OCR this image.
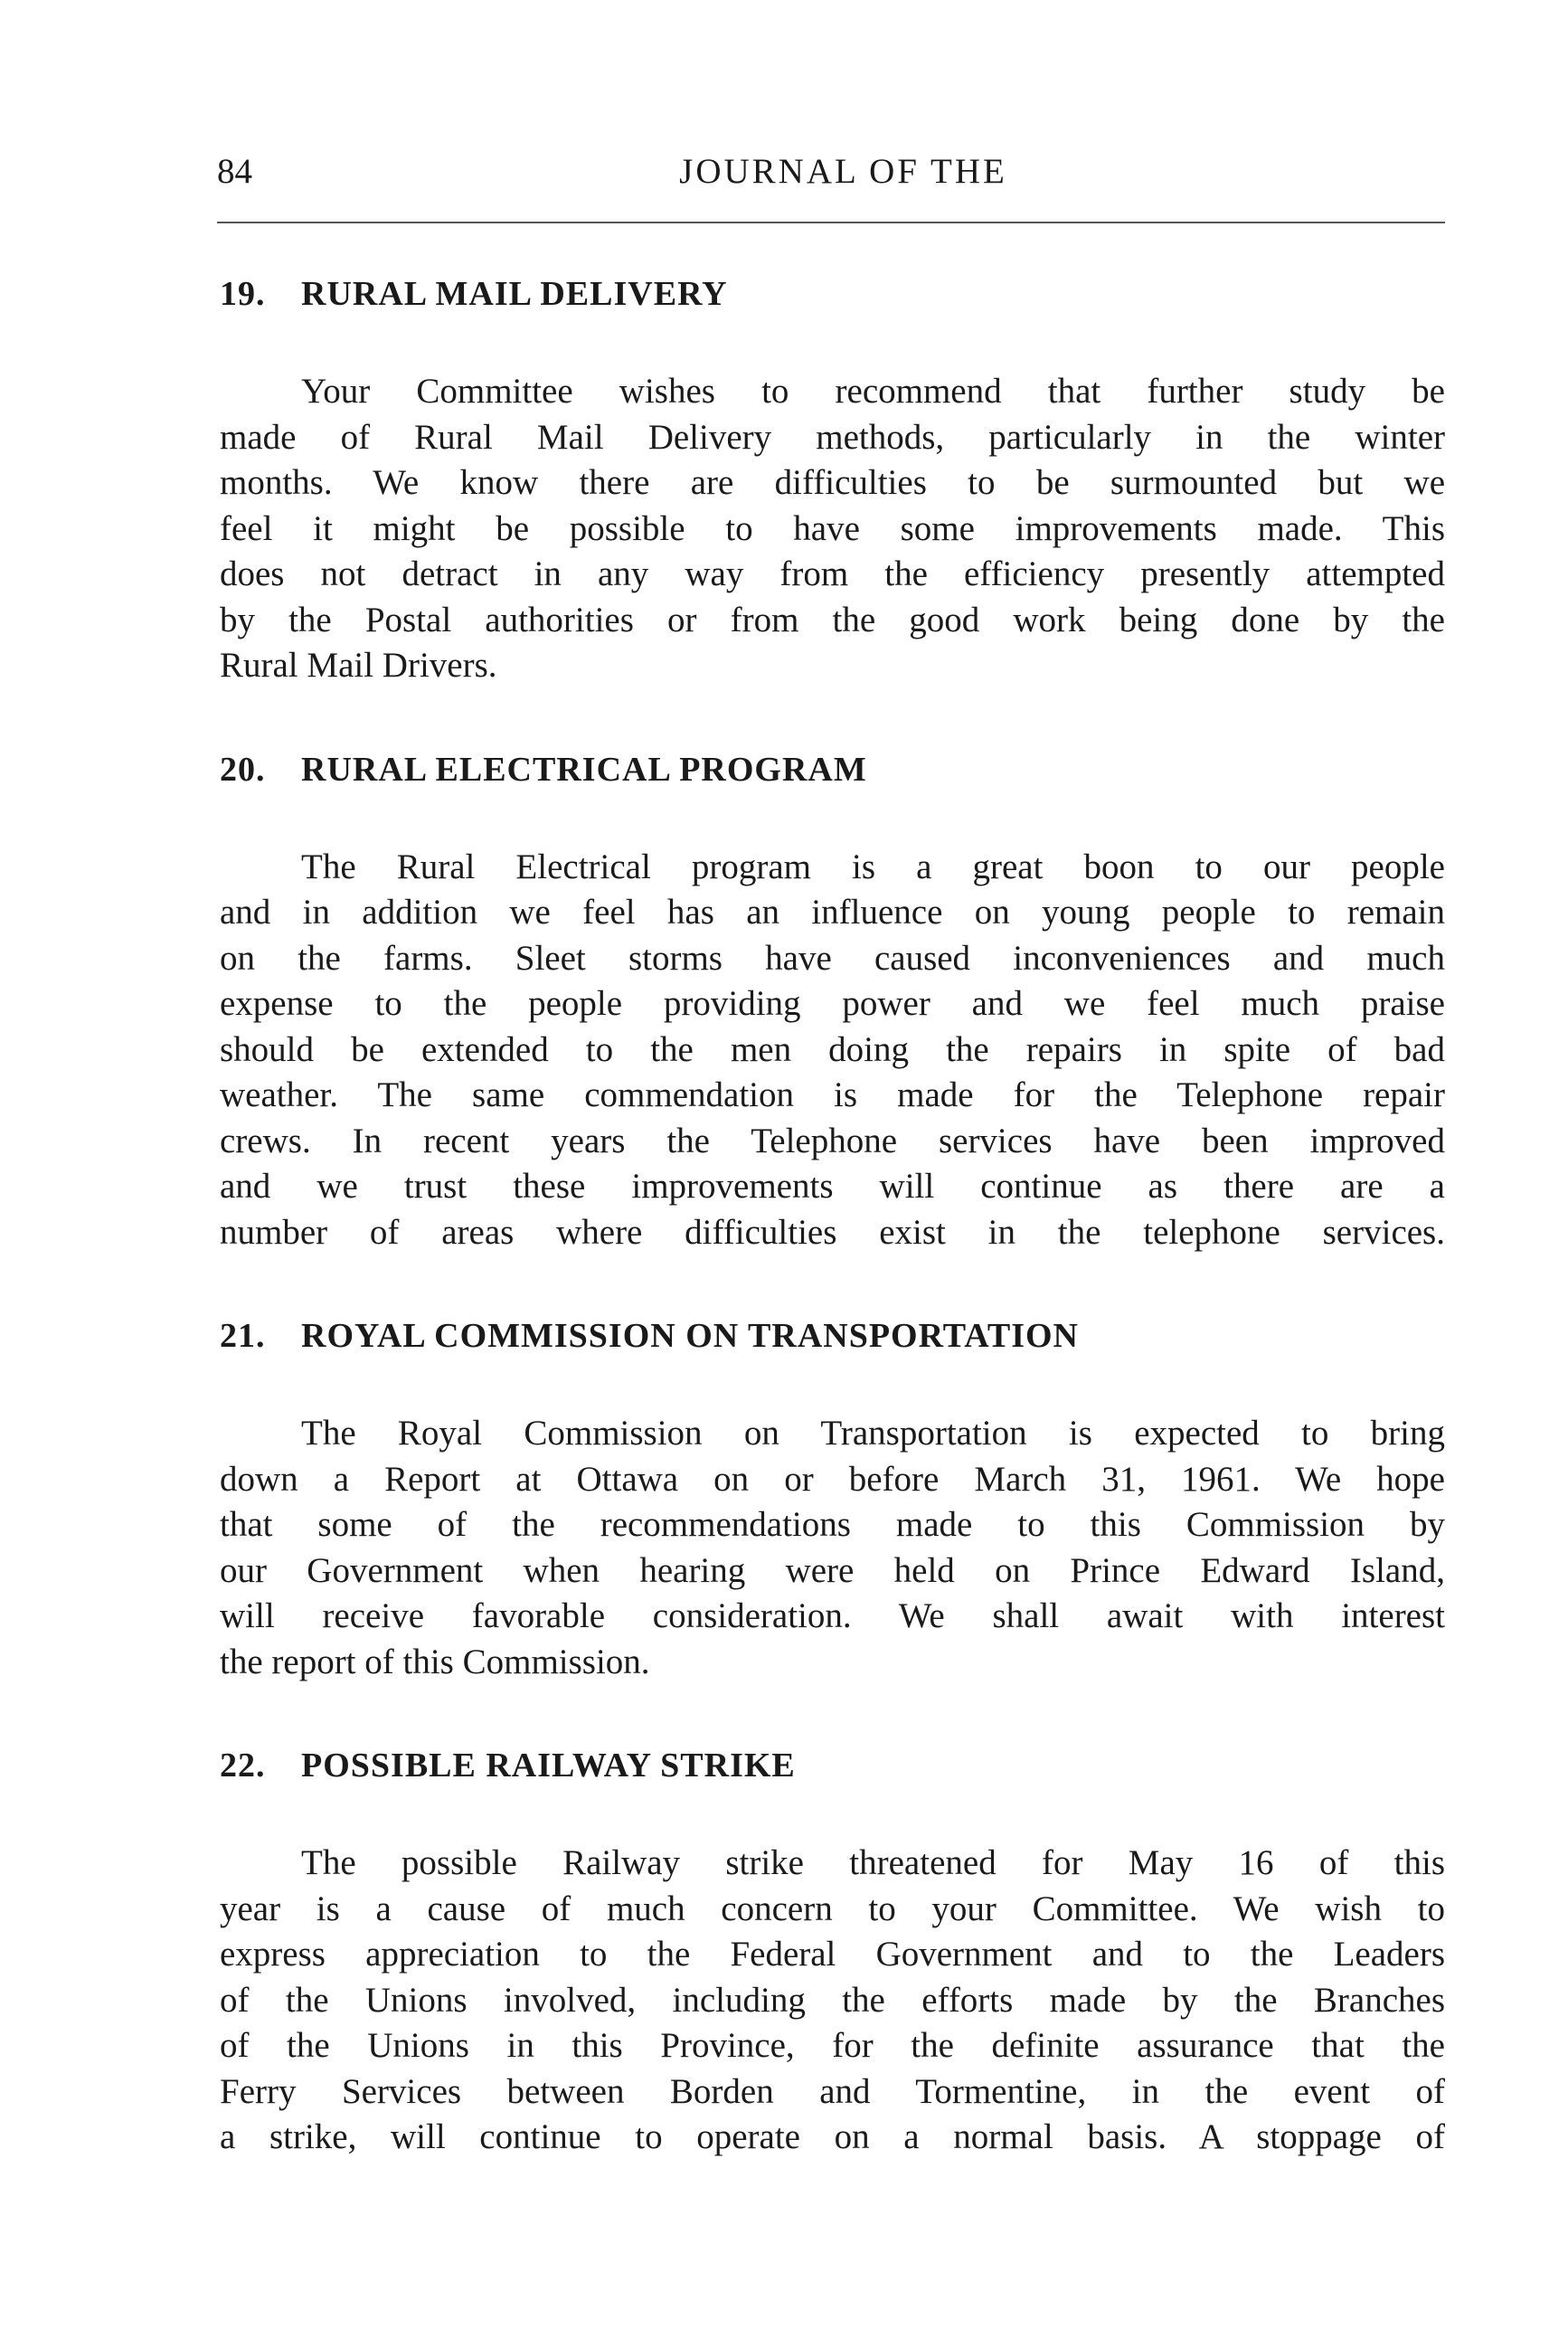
84	JOURNAL OF THE
19. RURAL MAIL DELIVERY
Your Committee wishes to recommend that further study be
made of Rural Mail Delivery methods, particularly in the winter
months. We know there are difficulties to be surmounted but we
feel it might be possible to have some improvements made. This
does not detract in any way from the efficiency presently attempted
by the Postal authorities or from the good work being done by the
Rural Mail Drivers.
20. RURAL ELECTRICAL PROGRAM
The Rural Electrical program is a great boon to our people
and in addition we feel has an influence on young people to remain
on the farms. Sleet storms have caused inconveniences and much
expense to the people providing power and we feel much praise
should be extended to the men doing the repairs in spite of bad
weather. The same commendation is made for the Telephone repair
crews. In recent years the Telephone services have been improved
and we trust these improvements will continue as there are a
number of areas where difficulties exist in the telephone services.
21. ROYAL COMMISSION ON TRANSPORTATION
The Royal Commission on Transportation is expected to bring
down a Report at Ottawa on or before March 31, 1961. We hope
that some of the recommendations made to this Commission by
our Government when hearing were held on Prince Edward Island,
will receive favorable consideration. We shall await with interest
the report of this Commission.
22. POSSIBLE RAILWAY STRIKE
The possible Railway strike threatened for May 16 of this
year is a cause of much concern to your Committee. We wish to
express appreciation to the Federal Government and to the Leaders
of the Unions involved, including the efforts made by the Branches
of the Unions in this Province, for the definite assurance that the
Ferry Services between Borden and Tormentine, in the event of
a strike, will continue to operate on a normal basis. A stoppage of
